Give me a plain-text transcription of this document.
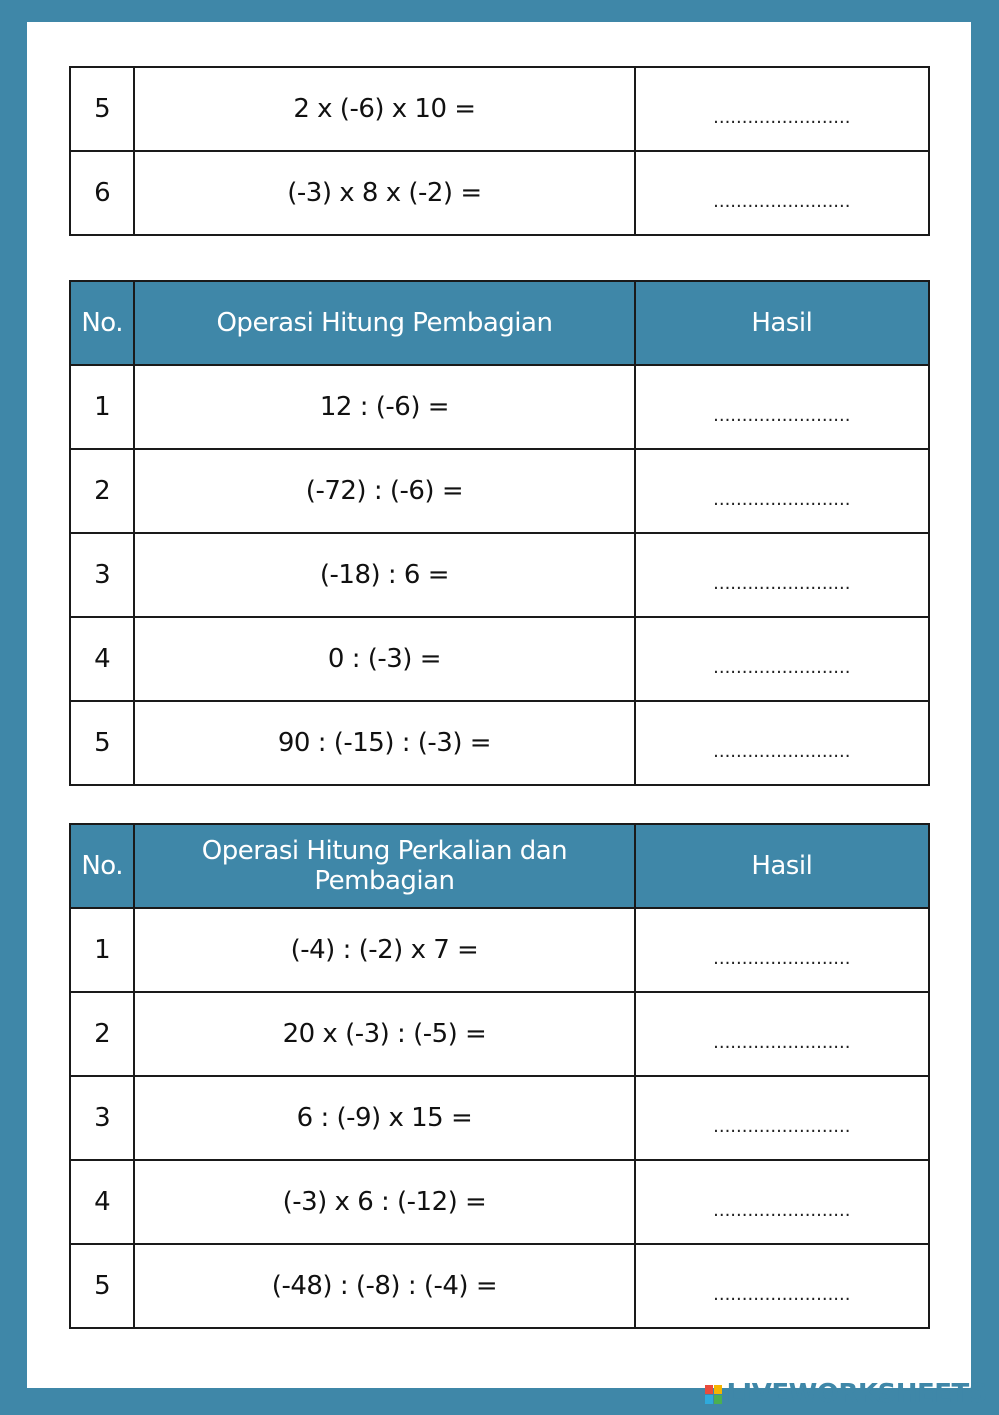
5	2 x (-6) x 10 =	$_{........................}$
6	(-3) x 8 x (-2) =	$_{........................}$
No.	Operasi Hitung Pembagian	Hasil
1	12 : (-6) =	$_{........................}$
2	(-72) : (-6) =	$_{........................}$
3	(-18) : 6 =	$_{........................}$
4	0 : (-3) =	$_{........................}$
5	90 : (-15) : (-3) =	$_{........................}$
No.	Operasi Hitung Perkalian dan Pembagian	Hasil
1	(-4) : (-2) x 7 =	$_{........................}$
2	20 x (-3) : (-5) =	$_{........................}$
3	6 : (-9) x 15 =	$_{........................}$
4	(-3) x 6 : (-12) =	$_{........................}$
5	(-48) : (-8) : (-4) =	$_{........................}$
LIVEWORKSHEETS
